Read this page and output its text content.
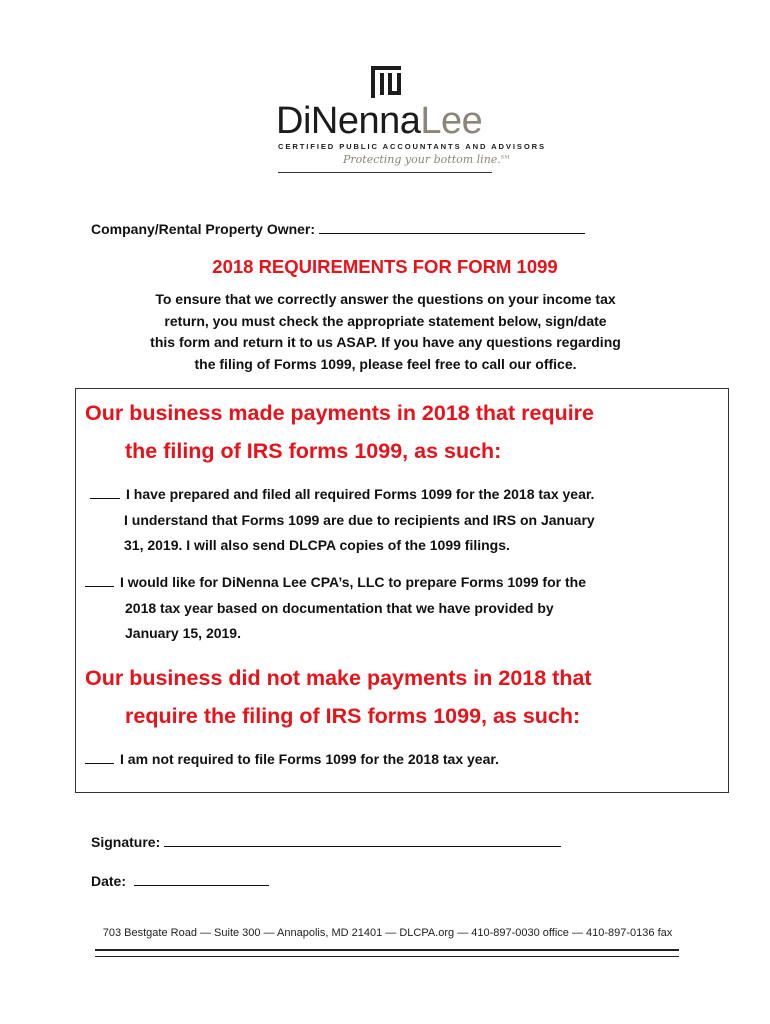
DiNennaLee
CERTIFIED PUBLIC ACCOUNTANTS AND ADVISORS
Protecting your bottom line.℠
Company/Rental Property Owner:
2018 REQUIREMENTS FOR FORM 1099
To ensure that we correctly answer the questions on your income tax
return, you must check the appropriate statement below, sign/date
this form and return it to us ASAP. If you have any questions regarding
the filing of Forms 1099, please feel free to call our office.
Our business made payments in 2018 that require
the filing of IRS forms 1099, as such:
I have prepared and filed all required Forms 1099 for the 2018 tax year.
I understand that Forms 1099 are due to recipients and IRS on January
31, 2019. I will also send DLCPA copies of the 1099 filings.
I would like for DiNenna Lee CPA’s, LLC to prepare Forms 1099 for the
2018 tax year based on documentation that we have provided by
January 15, 2019.
Our business did not make payments in 2018 that
require the filing of IRS forms 1099, as such:
I am not required to file Forms 1099 for the 2018 tax year.
Signature:
Date:
703 Bestgate Road — Suite 300 — Annapolis, MD 21401 — DLCPA.org — 410-897-0030 office — 410-897-0136 fax
